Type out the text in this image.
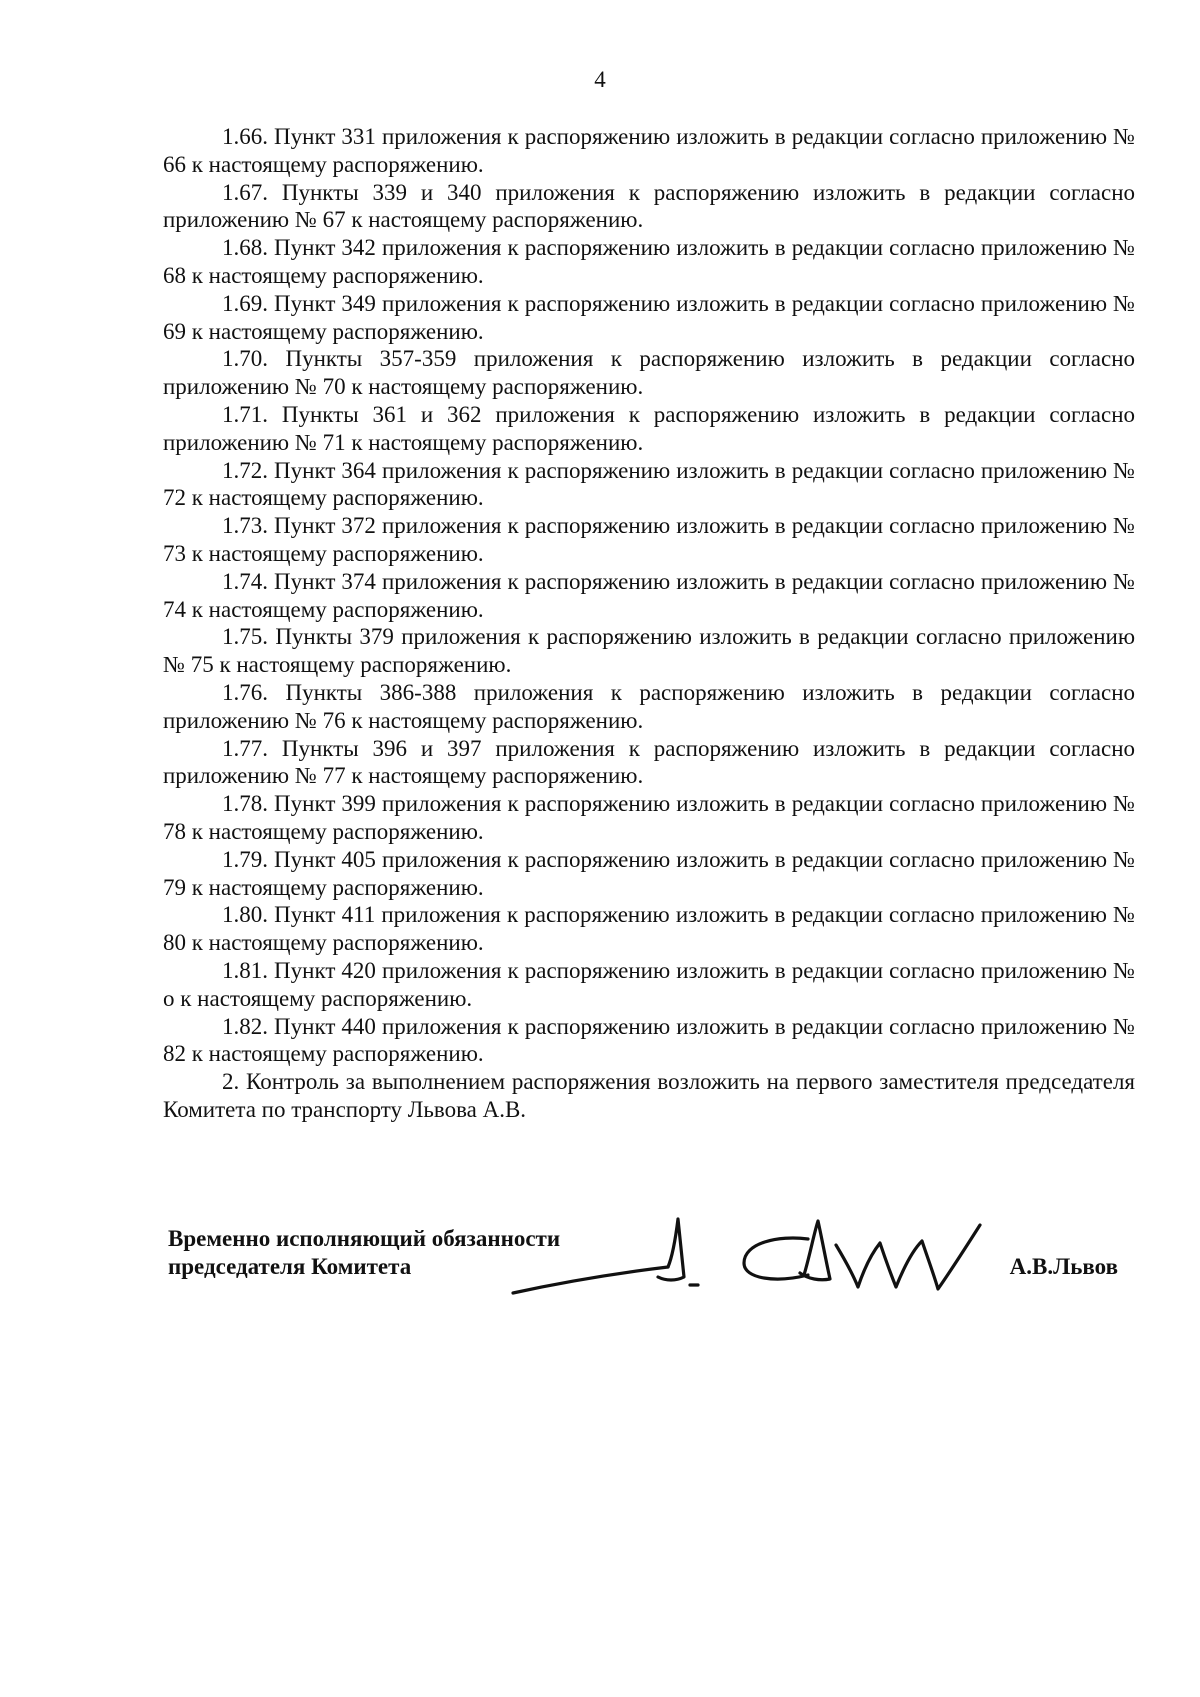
4

1.66. Пункт 331 приложения к распоряжению изложить в редакции согласно приложению № 66 к настоящему распоряжению.

1.67. Пункты 339 и 340 приложения к распоряжению изложить в редакции согласно приложению № 67 к настоящему распоряжению.

1.68. Пункт 342 приложения к распоряжению изложить в редакции согласно приложению № 68 к настоящему распоряжению.

1.69. Пункт 349 приложения к распоряжению изложить в редакции согласно приложению № 69 к настоящему распоряжению.

1.70. Пункты 357-359 приложения к распоряжению изложить в редакции согласно приложению № 70 к настоящему распоряжению.

1.71. Пункты 361 и 362 приложения к распоряжению изложить в редакции согласно приложению № 71 к настоящему распоряжению.

1.72. Пункт 364 приложения к распоряжению изложить в редакции согласно приложению № 72 к настоящему распоряжению.

1.73. Пункт 372 приложения к распоряжению изложить в редакции согласно приложению № 73 к настоящему распоряжению.

1.74. Пункт 374 приложения к распоряжению изложить в редакции согласно приложению № 74 к настоящему распоряжению.

1.75. Пункты 379 приложения к распоряжению изложить в редакции согласно приложению № 75 к настоящему распоряжению.

1.76. Пункты 386-388 приложения к распоряжению изложить в редакции согласно приложению № 76 к настоящему распоряжению.

1.77. Пункты 396 и 397 приложения к распоряжению изложить в редакции согласно приложению № 77 к настоящему распоряжению.

1.78. Пункт 399 приложения к распоряжению изложить в редакции согласно приложению № 78 к настоящему распоряжению.

1.79. Пункт 405 приложения к распоряжению изложить в редакции согласно приложению № 79 к настоящему распоряжению.

1.80. Пункт 411 приложения к распоряжению изложить в редакции согласно приложению № 80 к настоящему распоряжению.

1.81. Пункт 420 приложения к распоряжению изложить в редакции согласно приложению № о к настоящему распоряжению.

1.82. Пункт 440 приложения к распоряжению изложить в редакции согласно приложению № 82 к настоящему распоряжению.

2. Контроль за выполнением распоряжения возложить на первого заместителя председателя Комитета по транспорту Львова А.В.

Временно исполняющий обязанности
председателя Комитета	А.В.Львов
